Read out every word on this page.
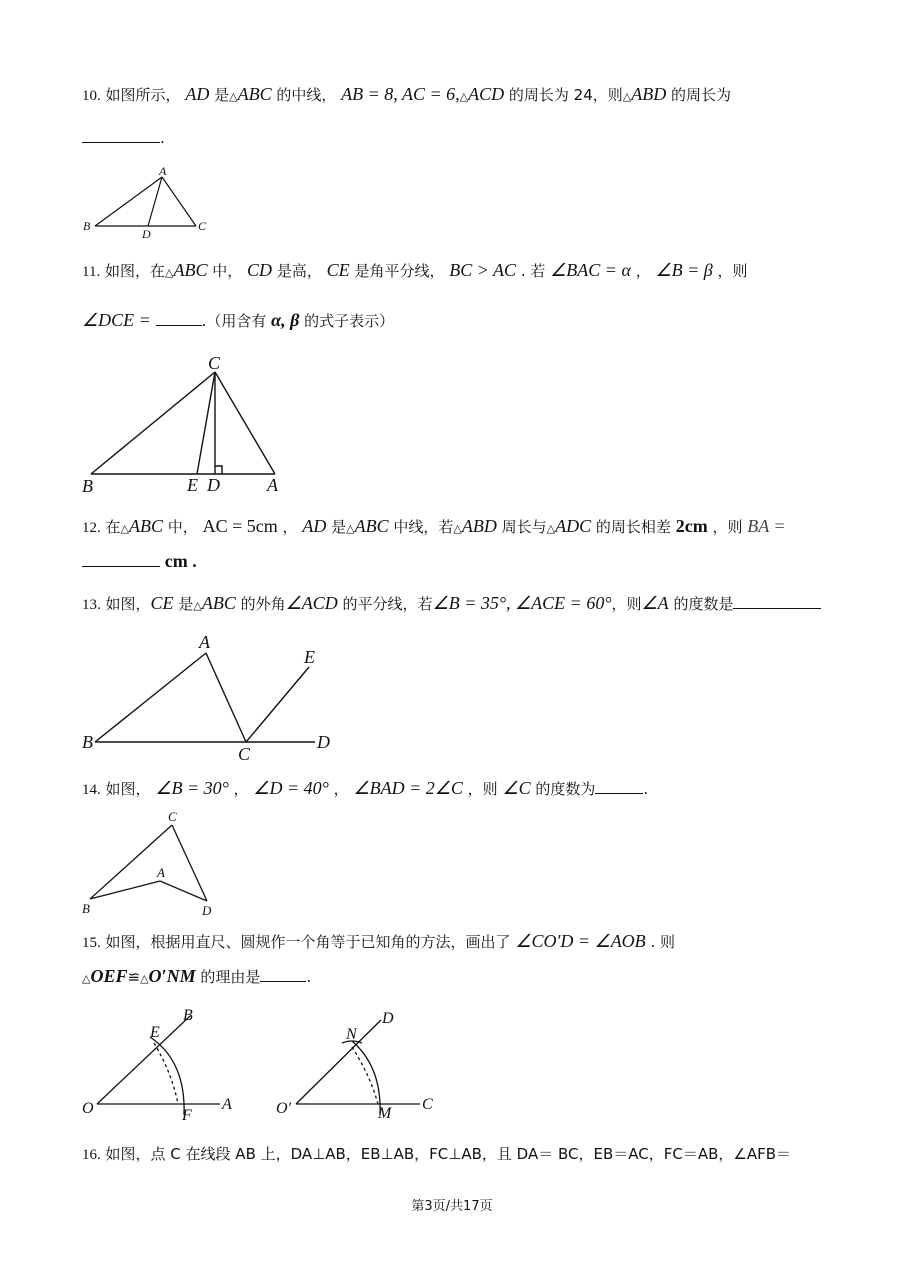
10. 如图所示， AD 是△ABC 的中线， AB = 8, AC = 6,△ACD 的周长为 24，则△ABD 的周长为
.
A
B	C
D
11. 如图，在△ABC 中， CD 是高， CE 是角平分线， BC > AC . 若 ∠BAC = α ， ∠B = β ，则
∠DCE =	.（用含有 α, β 的式子表示）
C
B	E D	A
12. 在△ABC 中， AC = 5cm ， AD 是△ABC 中线，若△ABD 周长与△ADC 的周长相差 2cm ，则 BA =
cm .
13. 如图，CE 是△ABC 的外角∠ACD 的平分线，若∠B = 35°, ∠ACE = 60°，则∠A 的度数是
A
B
C
D
E
14. 如图， ∠B = 30° ， ∠D = 40° ， ∠BAD = 2∠C ，则 ∠C 的度数为	.
C
A
B	D
15. 如图，根据用直尺、圆规作一个角等于已知角的方法，画出了 ∠CO′D = ∠AOB . 则
△OEF≌△O′NM 的理由是	.
O
E
B
F
A	O′
N
D
M
C
16. 如图，点 C 在线段 AB 上，DA⊥AB，EB⊥AB，FC⊥AB，且 DA＝ BC，EB＝AC，FC＝AB，∠AFB＝
第3页/共17页
